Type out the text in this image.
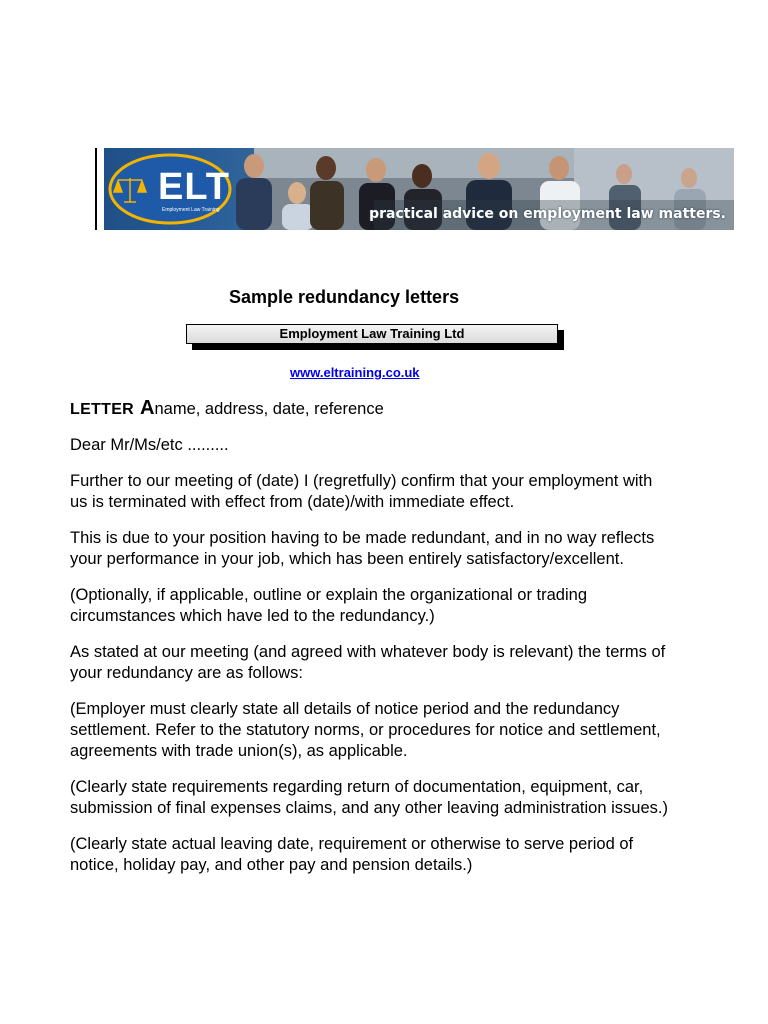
ELT
Employment Law Training	practical advice on employment law matters.
Sample redundancy letters
Employment Law Training Ltd
www.eltraining.co.uk
LETTER Aname, address, date, reference

Dear Mr/Ms/etc .........

Further to our meeting of (date) I (regretfully) confirm that your employment with us is terminated with effect from (date)/with immediate effect.

This is due to your position having to be made redundant, and in no way reflects your performance in your job, which has been entirely satisfactory/excellent.

(Optionally, if applicable, outline or explain the organizational or trading circumstances which have led to the redundancy.)

As stated at our meeting (and agreed with whatever body is relevant) the terms of your redundancy are as follows:

(Employer must clearly state all details of notice period and the redundancy settlement. Refer to the statutory norms, or procedures for notice and settlement, agreements with trade union(s), as applicable.

(Clearly state requirements regarding return of documentation, equipment, car, submission of final expenses claims, and any other leaving administration issues.)

(Clearly state actual leaving date, requirement or otherwise to serve period of notice, holiday pay, and other pay and pension details.)
